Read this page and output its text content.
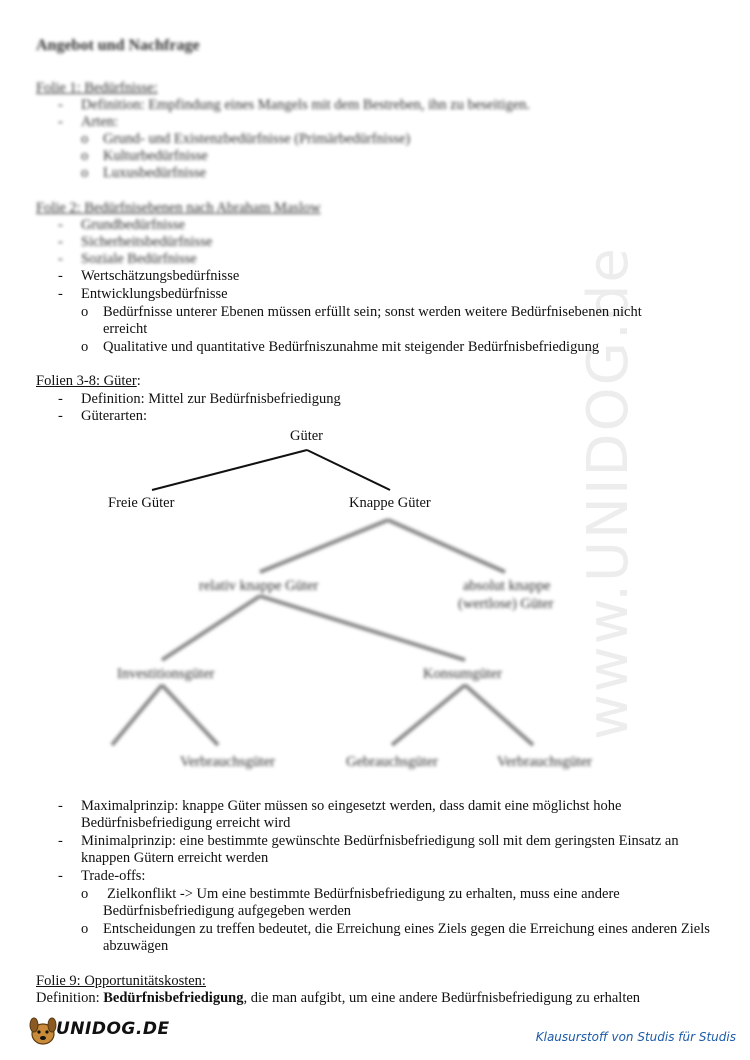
www.UNIDOG.de
Angebot und Nachfrage
Folie 1: Bedürfnisse:
- Definition: Empfindung eines Mangels mit dem Bestreben, ihn zu beseitigen.
- Arten:
o Grund- und Existenzbedürfnisse (Primärbedürfnisse)
o Kulturbedürfnisse
o Luxusbedürfnisse
Folie 2: Bedürfnisebenen nach Abraham Maslow
- Grundbedürfnisse
- Sicherheitsbedürfnisse
- Soziale Bedürfnisse
- Wertschätzungsbedürfnisse
- Entwicklungsbedürfnisse
o Bedürfnisse unterer Ebenen müssen erfüllt sein; sonst werden weitere Bedürfnisebenen nicht erreicht
o Qualitative und quantitative Bedürfniszunahme mit steigender Bedürfnisbefriedigung
Folien 3-8: Güter:
- Definition: Mittel zur Bedürfnisbefriedigung
- Güterarten:
Güter
Freie Güter	Knappe Güter
relativ knappe Güter	absolut knappe
(wertlose) Güter
Investitionsgüter	Konsumgüter
Verbrauchsgüter	Gebrauchsgüter	Verbrauchsgüter
- Maximalprinzip: knappe Güter müssen so eingesetzt werden, dass damit eine möglichst hohe Bedürfnisbefriedigung erreicht wird
- Minimalprinzip: eine bestimmte gewünschte Bedürfnisbefriedigung soll mit dem geringsten Einsatz an knappen Gütern erreicht werden
- Trade-offs:
o Zielkonflikt -> Um eine bestimmte Bedürfnisbefriedigung zu erhalten, muss eine andere Bedürfnisbefriedigung aufgegeben werden
o Entscheidungen zu treffen bedeutet, die Erreichung eines Ziels gegen die Erreichung eines anderen Ziels abzuwägen
Folie 9: Opportunitätskosten:
Definition: Bedürfnisbefriedigung, die man aufgibt, um eine andere Bedürfnisbefriedigung zu erhalten
UNIDOG.DE	Klausurstoff von Studis für Studis
